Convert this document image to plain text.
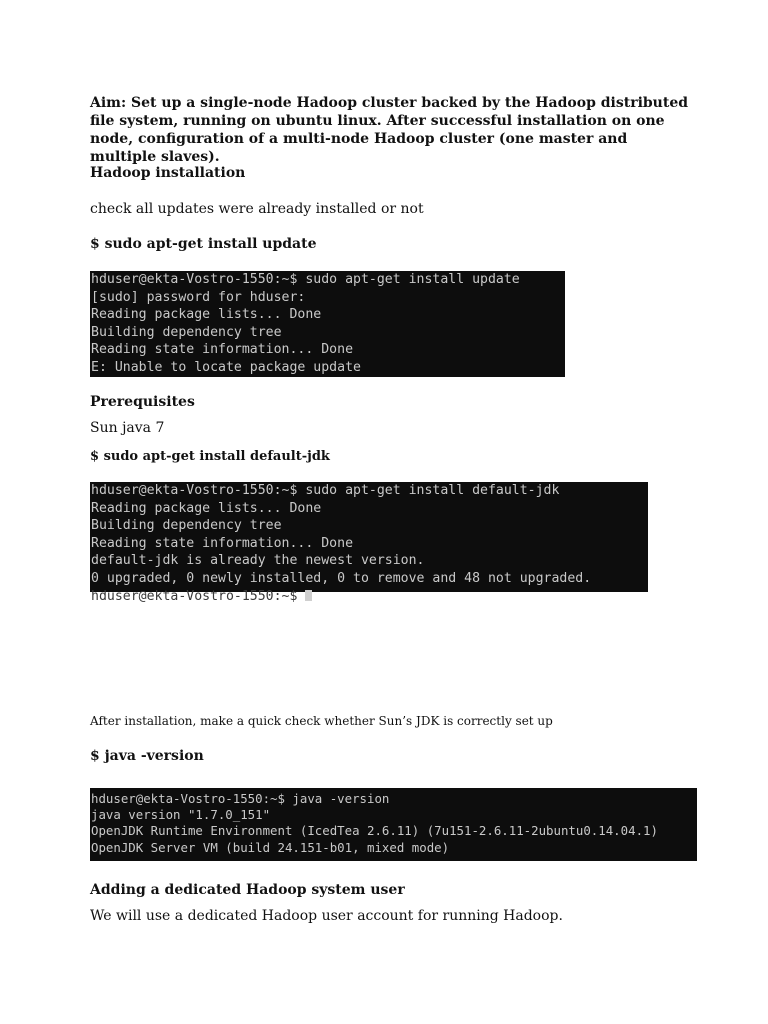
Aim: Set up a single-node Hadoop cluster backed by the Hadoop distributed file system, running on ubuntu linux. After successful installation on one node, configuration of a multi-node Hadoop cluster (one master and multiple slaves).

Hadoop installation

check all updates were already installed or not

$ sudo apt-get install update

hduser@ekta-Vostro-1550:~$ sudo apt-get install update
[sudo] password for hduser:
Reading package lists... Done
Building dependency tree
Reading state information... Done
E: Unable to locate package update

Prerequisites

Sun java 7

$ sudo apt-get install default-jdk

hduser@ekta-Vostro-1550:~$ sudo apt-get install default-jdk
Reading package lists... Done
Building dependency tree
Reading state information... Done
default-jdk is already the newest version.
0 upgraded, 0 newly installed, 0 to remove and 48 not upgraded.
hduser@ekta-Vostro-1550:~$

After installation, make a quick check whether Sun’s JDK is correctly set up

$ java -version

hduser@ekta-Vostro-1550:~$ java -version
java version "1.7.0_151"
OpenJDK Runtime Environment (IcedTea 2.6.11) (7u151-2.6.11-2ubuntu0.14.04.1)
OpenJDK Server VM (build 24.151-b01, mixed mode)

Adding a dedicated Hadoop system user

We will use a dedicated Hadoop user account for running Hadoop.
